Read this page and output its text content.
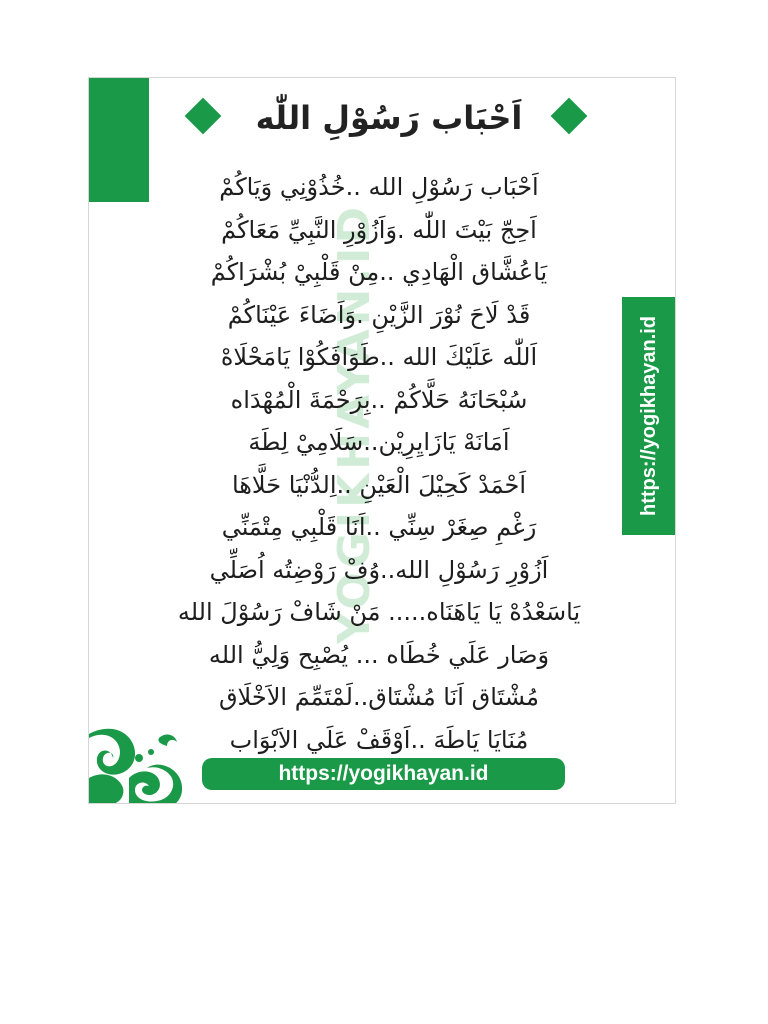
اَحْبَاب رَسُوْلِ اللّٰه
YOGIKHAYAN.ID
اَحْبَاب رَسُوْلِ الله ..خُذُوْنِي وَيَاكُمْ
اَحِجّ بَيْتَ اللّٰه .وَاَزُوْرِ النَّبِيِّ مَعَاكُمْ
يَاعُشَّاق الْهَادِي ..مِنْ قَلْبِيْ بُشْرَاكُمْ
قَدْ لَاحَ نُوْرَ الزَّيْنِ .وَاَضَاءَ عَيْنَاكُمْ
اَللّٰه عَلَيْكَ الله ..طَوَافَكُوْا يَامَحْلَاهْ
سُبْحَانَهُ حَلَّاكُمْ ..بِرَحْمَةَ الْمُهْدَاه
اَمَانَهْ يَازَايِرِيْن..سَلَامِيْ لِطَهَ
اَحْمَدْ كَحِيْلَ الْعَيْنِ ..اِلدُّنْيَا حَلَّاهَا
رَغْمِ صِغَرْ سِنِّي ..اَنَا قَلْبِي مِتْمَنِّي
اَزُوْرِ رَسُوْلِ الله..وُفْ رَوْضِتُه اُصَلِّي
يَاسَعْدُهْ يَا يَاهَنَاه..... مَنْ شَافْ رَسُوْلَ الله
وَصَار عَلَي خُطَاه ... يُصْبِح وَلِيُّ الله
مُشْتَاق اَنَا مُشْتَاق..لَمْتَمِّمَ الاَخْلَاق
مُنَايَا يَاطَهَ ..اَوْقَفْ عَلَي الاَبْوَاب
https://yogikhayan.id
https://yogikhayan.id
